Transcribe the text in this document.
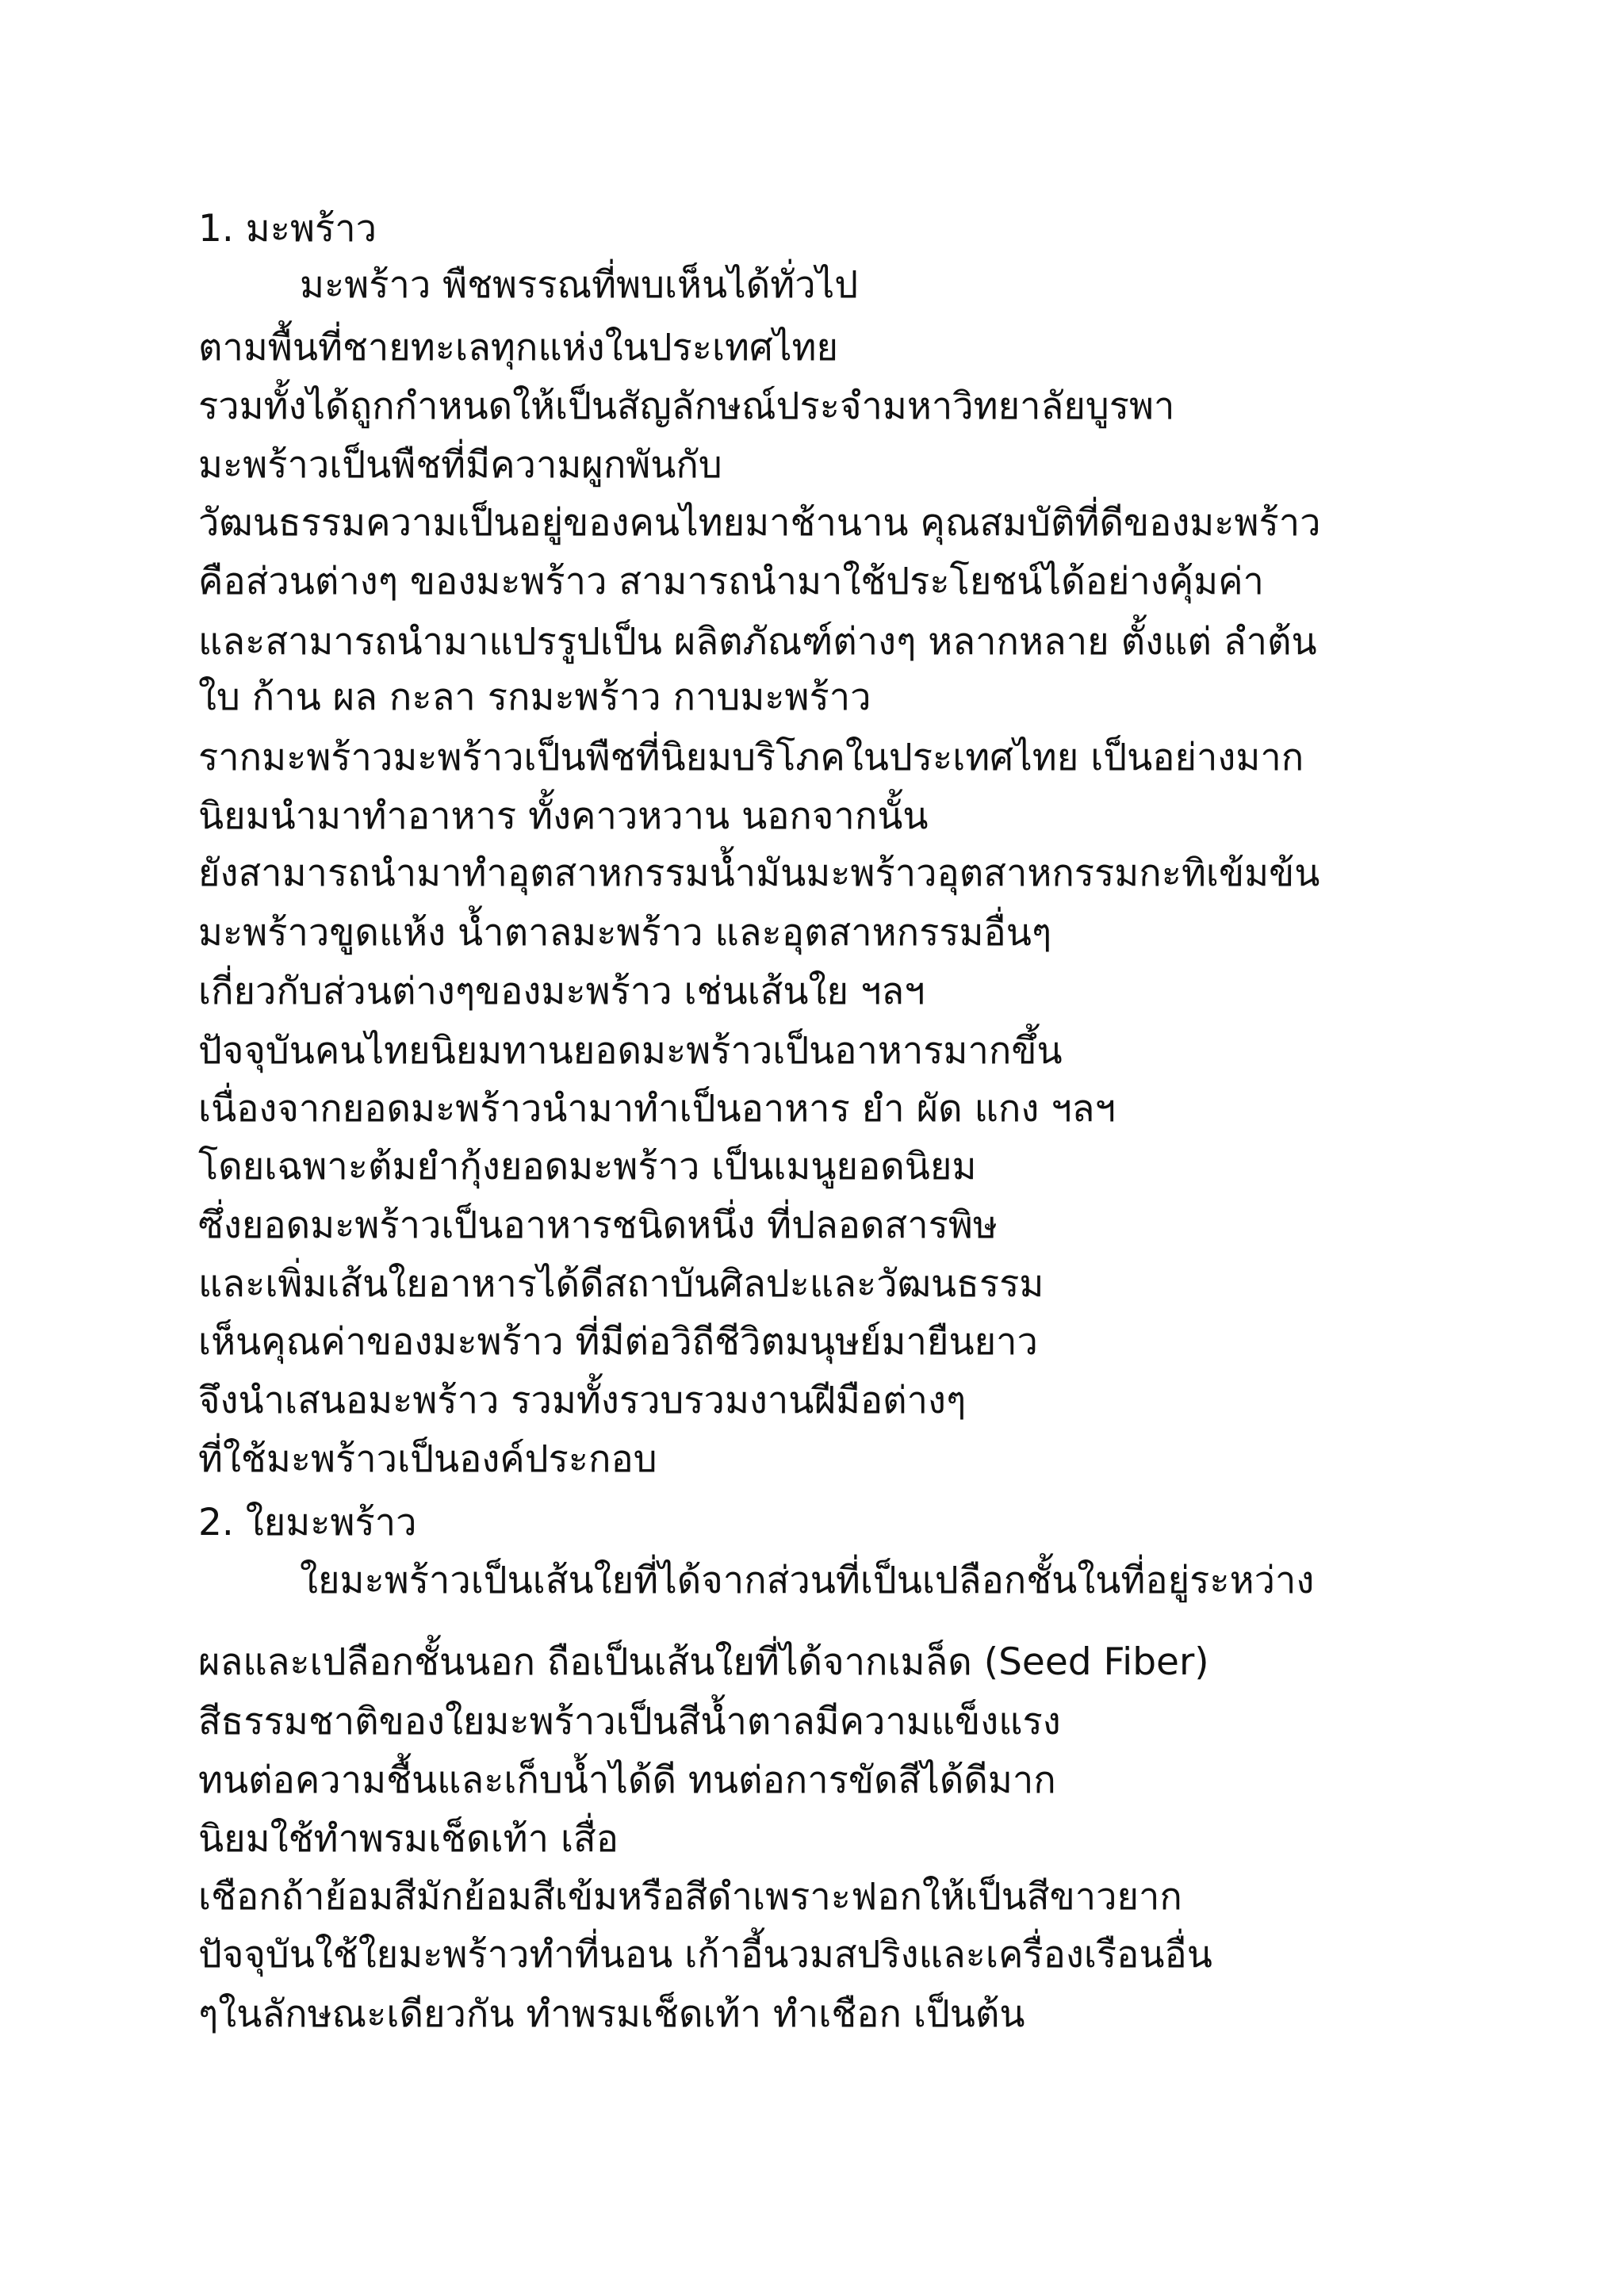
1. มะพร้าว
มะพร้าว พืชพรรณที่พบเห็นได้ทั่วไป
ตามพื้นที่ชายทะเลทุกแห่งในประเทศไทย
รวมทั้งได้ถูกกำหนดให้เป็นสัญลักษณ์ประจำมหาวิทยาลัยบูรพา
มะพร้าวเป็นพืชที่มีความผูกพันกับ
วัฒนธรรมความเป็นอยู่ของคนไทยมาช้านาน คุณสมบัติที่ดีของมะพร้าว
คือส่วนต่างๆ ของมะพร้าว สามารถนำมาใช้ประโยชน์ได้อย่างคุ้มค่า
และสามารถนำมาแปรรูปเป็น ผลิตภัณฑ์ต่างๆ หลากหลาย ตั้งแต่ ลำต้น
ใบ ก้าน ผล กะลา รกมะพร้าว กาบมะพร้าว
รากมะพร้าวมะพร้าวเป็นพืชที่นิยมบริโภคในประเทศไทย เป็นอย่างมาก
นิยมนำมาทำอาหาร ทั้งคาวหวาน นอกจากนั้น
ยังสามารถนำมาทำอุตสาหกรรมน้ำมันมะพร้าวอุตสาหกรรมกะทิเข้มข้น
มะพร้าวขูดแห้ง น้ำตาลมะพร้าว และอุตสาหกรรมอื่นๆ
เกี่ยวกับส่วนต่างๆของมะพร้าว เช่นเส้นใย ฯลฯ
ปัจจุบันคนไทยนิยมทานยอดมะพร้าวเป็นอาหารมากขึ้น
เนื่องจากยอดมะพร้าวนำมาทำเป็นอาหาร ยำ ผัด แกง ฯลฯ
โดยเฉพาะต้มยำกุ้งยอดมะพร้าว เป็นเมนูยอดนิยม
ซึ่งยอดมะพร้าวเป็นอาหารชนิดหนึ่ง ที่ปลอดสารพิษ
และเพิ่มเส้นใยอาหารได้ดีสถาบันศิลปะและวัฒนธรรม
เห็นคุณค่าของมะพร้าว ที่มีต่อวิถีชีวิตมนุษย์มายืนยาว
จึงนำเสนอมะพร้าว รวมทั้งรวบรวมงานฝีมือต่างๆ
ที่ใช้มะพร้าวเป็นองค์ประกอบ
2. ใยมะพร้าว
ใยมะพร้าวเป็นเส้นใยที่ได้จากส่วนที่เป็นเปลือกชั้นในที่อยู่ระหว่าง
ผลและเปลือกชั้นนอก ถือเป็นเส้นใยที่ได้จากเมล็ด (Seed Fiber)
สีธรรมชาติของใยมะพร้าวเป็นสีน้ำตาลมีความแข็งแรง
ทนต่อความชื้นและเก็บน้ำได้ดี ทนต่อการขัดสีได้ดีมาก
นิยมใช้ทำพรมเช็ดเท้า เสื่อ
เชือกถ้าย้อมสีมักย้อมสีเข้มหรือสีดำเพราะฟอกให้เป็นสีขาวยาก
ปัจจุบันใช้ใยมะพร้าวทำที่นอน เก้าอี้นวมสปริงและเครื่องเรือนอื่น
ๆในลักษณะเดียวกัน ทำพรมเช็ดเท้า ทำเชือก เป็นต้น
